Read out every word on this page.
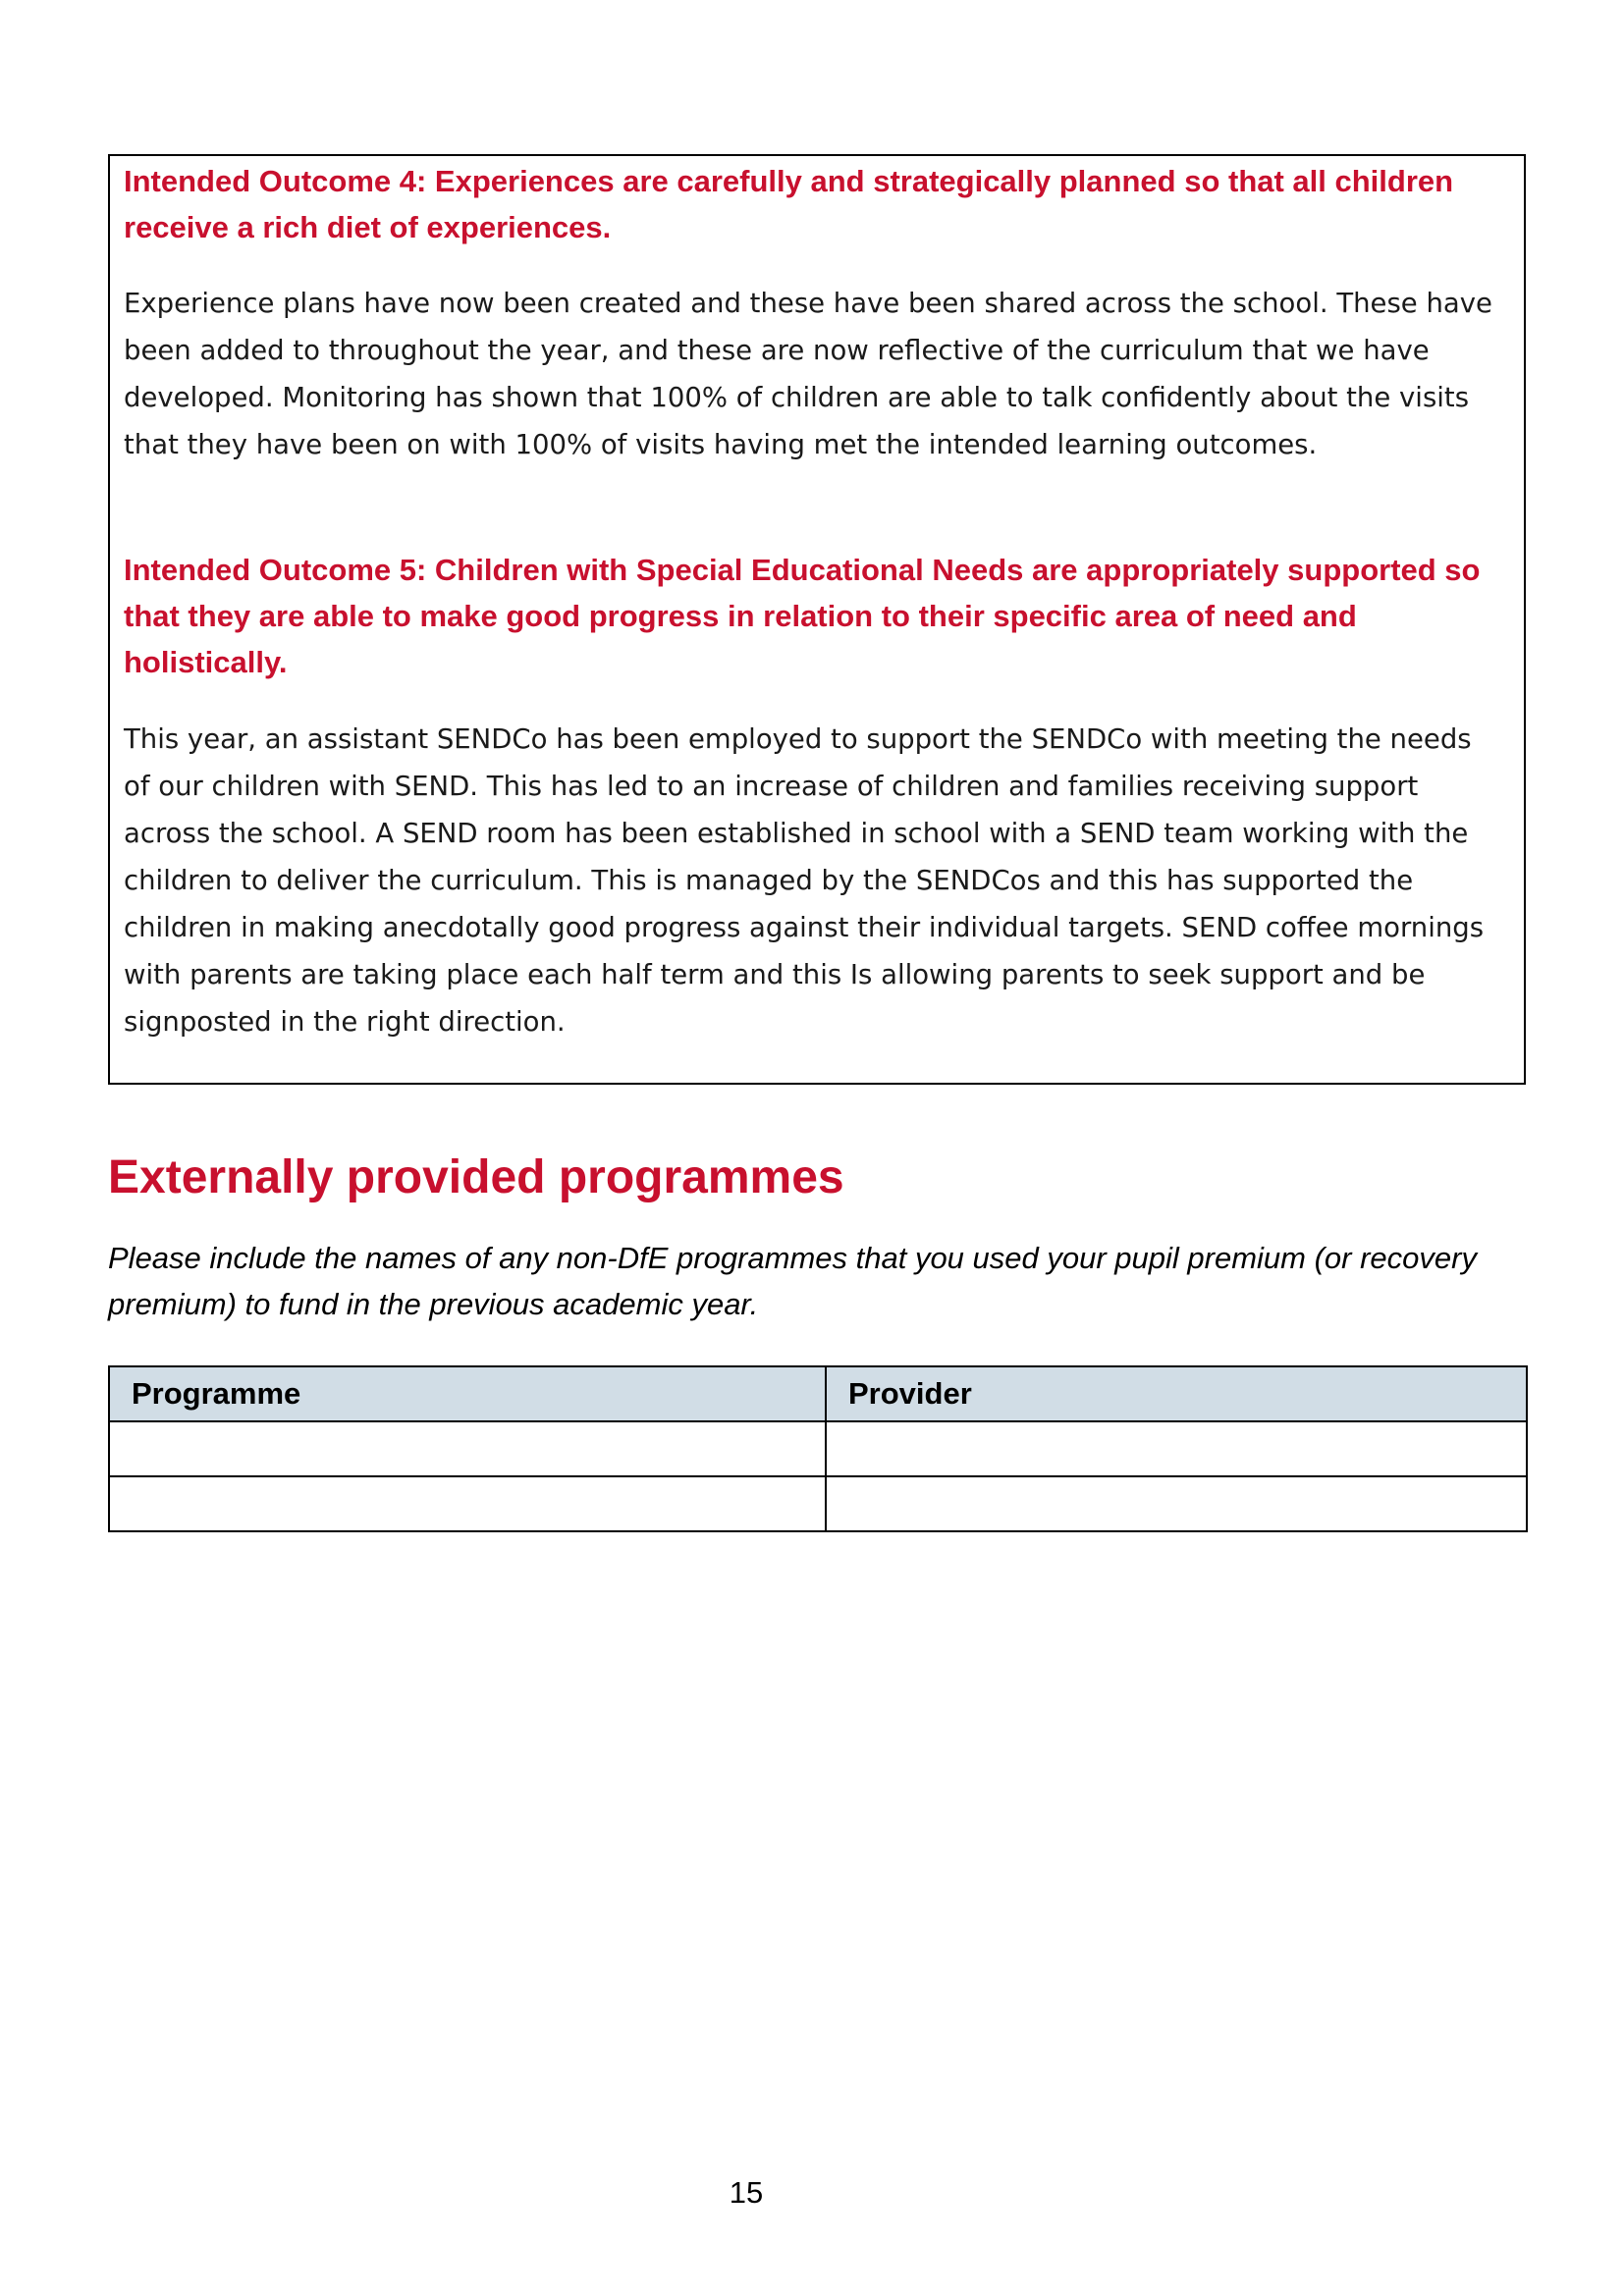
Intended Outcome 4: Experiences are carefully and strategically planned so that all children receive a rich diet of experiences.

Experience plans have now been created and these have been shared across the school. These have been added to throughout the year, and these are now reflective of the curriculum that we have developed. Monitoring has shown that 100% of children are able to talk confidently about the visits that they have been on with 100% of visits having met the intended learning outcomes.

Intended Outcome 5: Children with Special Educational Needs are appropriately supported so that they are able to make good progress in relation to their specific area of need and holistically.

This year, an assistant SENDCo has been employed to support the SENDCo with meeting the needs of our children with SEND. This has led to an increase of children and families receiving support across the school. A SEND room has been established in school with a SEND team working with the children to deliver the curriculum. This is managed by the SENDCos and this has supported the children in making anecdotally good progress against their individual targets. SEND coffee mornings with parents are taking place each half term and this Is allowing parents to seek support and be signposted in the right direction.

Externally provided programmes

Please include the names of any non-DfE programmes that you used your pupil premium (or recovery premium) to fund in the previous academic year.

Programme	Provider

15
